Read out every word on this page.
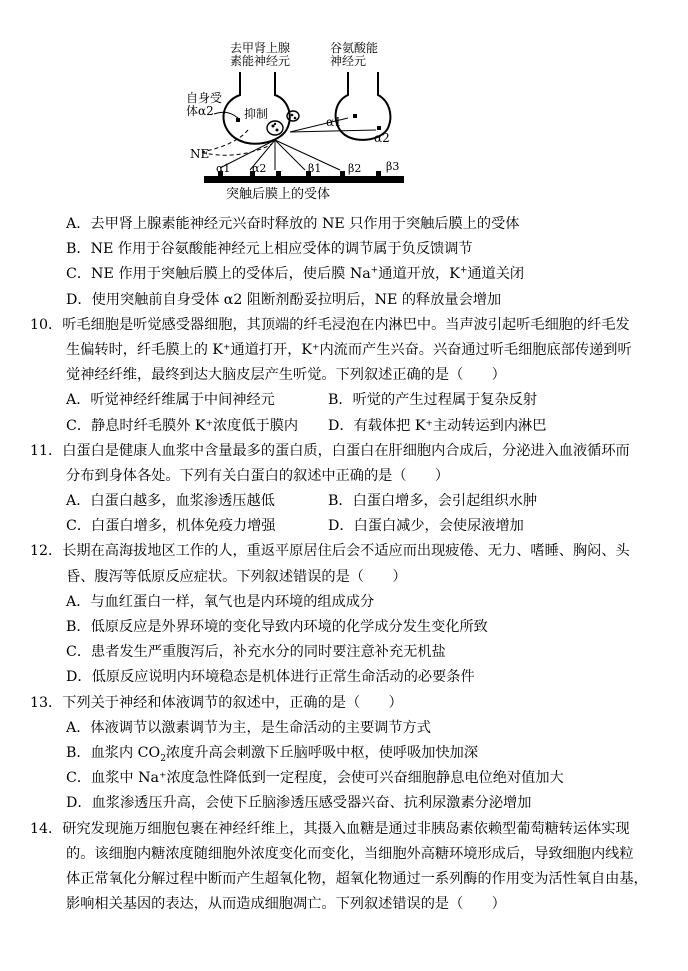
去甲肾上腺
素能神经元
谷氨酸能
神经元
自身受
体α2	抑制
NE
α1
α2
α1 α2	β1 β2 β3
突触后膜上的受体
A．去甲肾上腺素能神经元兴奋时释放的 NE 只作用于突触后膜上的受体
B．NE 作用于谷氨酸能神经元上相应受体的调节属于负反馈调节
C．NE 作用于突触后膜上的受体后，使后膜 Na+通道开放，K+通道关闭
D．使用突触前自身受体 α2 阻断剂酚妥拉明后，NE 的释放量会增加
10．听毛细胞是听觉感受器细胞，其顶端的纤毛浸泡在内淋巴中。当声波引起听毛细胞的纤毛发
生偏转时，纤毛膜上的 K⁺通道打开，K⁺内流而产生兴奋。兴奋通过听毛细胞底部传递到听
觉神经纤维，最终到达大脑皮层产生听觉。下列叙述正确的是（　　）
A．听觉神经纤维属于中间神经元	B．听觉的产生过程属于复杂反射
C．静息时纤毛膜外 K⁺浓度低于膜内	D．有载体把 K⁺主动转运到内淋巴
11．白蛋白是健康人血浆中含量最多的蛋白质，白蛋白在肝细胞内合成后，分泌进入血液循环而
分布到身体各处。下列有关白蛋白的叙述中正确的是（　　）
A．白蛋白越多，血浆渗透压越低	B．白蛋白增多，会引起组织水肿
C．白蛋白增多，机体免疫力增强	D．白蛋白减少，会使尿液增加
12．长期在高海拔地区工作的人，重返平原居住后会不适应而出现疲倦、无力、嗜睡、胸闷、头
昏、腹泻等低原反应症状。下列叙述错误的是（　　）
A．与血红蛋白一样，氧气也是内环境的组成成分
B．低原反应是外界环境的变化导致内环境的化学成分发生变化所致
C．患者发生严重腹泻后，补充水分的同时要注意补充无机盐
D．低原反应说明内环境稳态是机体进行正常生命活动的必要条件
13．下列关于神经和体液调节的叙述中，正确的是（　　）
A．体液调节以激素调节为主，是生命活动的主要调节方式
B．血浆内 $CO_2$浓度升高会刺激下丘脑呼吸中枢，使呼吸加快加深
C．血浆中 Na⁺浓度急性降低到一定程度，会使可兴奋细胞静息电位绝对值加大
D．血浆渗透压升高，会使下丘脑渗透压感受器兴奋、抗利尿激素分泌增加
14．研究发现施万细胞包裹在神经纤维上，其摄入血糖是通过非胰岛素依赖型葡萄糖转运体实现
的。该细胞内糖浓度随细胞外浓度变化而变化，当细胞外高糖环境形成后，导致细胞内线粒
体正常氧化分解过程中断而产生超氧化物，超氧化物通过一系列酶的作用变为活性氧自由基，
影响相关基因的表达，从而造成细胞凋亡。下列叙述错误的是（　　）
